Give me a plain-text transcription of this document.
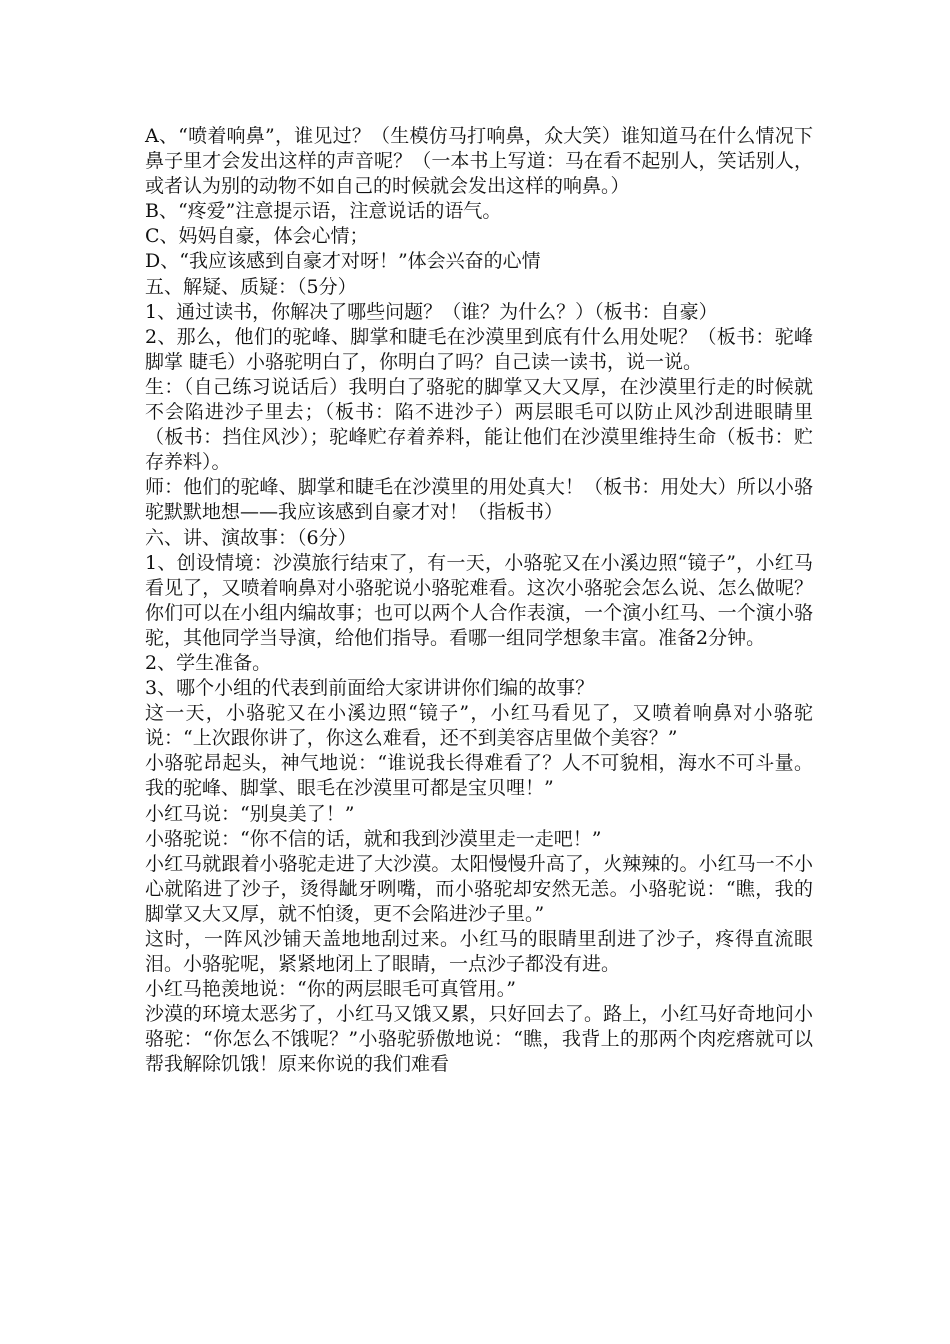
A、“喷着响鼻”，谁见过？（生模仿马打响鼻，众大笑）谁知道马在什么情况下鼻子里才会发出这样的声音呢？（一本书上写道：马在看不起别人，笑话别人，或者认为别的动物不如自己的时候就会发出这样的响鼻。）

B、“疼爱”注意提示语，注意说话的语气。

C、妈妈自豪，体会心情；

D、“我应该感到自豪才对呀！”体会兴奋的心情

五、解疑、质疑：（5分）

1、通过读书，你解决了哪些问题？（谁？为什么？）（板书：自豪）

2、那么，他们的驼峰、脚掌和睫毛在沙漠里到底有什么用处呢？（板书：驼峰 脚掌 睫毛）小骆驼明白了，你明白了吗？自己读一读书，说一说。

生：（自己练习说话后）我明白了骆驼的脚掌又大又厚，在沙漠里行走的时候就不会陷进沙子里去；（板书：陷不进沙子）两层眼毛可以防止风沙刮进眼睛里（板书：挡住风沙）；驼峰贮存着养料，能让他们在沙漠里维持生命（板书：贮存养料）。

师：他们的驼峰、脚掌和睫毛在沙漠里的用处真大！（板书：用处大）所以小骆驼默默地想——我应该感到自豪才对！（指板书）

六、讲、演故事：（6分）

1、创设情境：沙漠旅行结束了，有一天，小骆驼又在小溪边照“镜子”，小红马看见了，又喷着响鼻对小骆驼说小骆驼难看。这次小骆驼会怎么说、怎么做呢？你们可以在小组内编故事；也可以两个人合作表演，一个演小红马、一个演小骆驼，其他同学当导演，给他们指导。看哪一组同学想象丰富。准备2分钟。

2、学生准备。

3、哪个小组的代表到前面给大家讲讲你们编的故事？

这一天，小骆驼又在小溪边照“镜子”，小红马看见了，又喷着响鼻对小骆驼说：“上次跟你讲了，你这么难看，还不到美容店里做个美容？”

小骆驼昂起头，神气地说：“谁说我长得难看了？人不可貌相，海水不可斗量。我的驼峰、脚掌、眼毛在沙漠里可都是宝贝哩！”

小红马说：“别臭美了！”

小骆驼说：“你不信的话，就和我到沙漠里走一走吧！”

小红马就跟着小骆驼走进了大沙漠。太阳慢慢升高了，火辣辣的。小红马一不小心就陷进了沙子，烫得龇牙咧嘴，而小骆驼却安然无恙。小骆驼说：“瞧，我的脚掌又大又厚，就不怕烫，更不会陷进沙子里。”

这时，一阵风沙铺天盖地地刮过来。小红马的眼睛里刮进了沙子，疼得直流眼泪。小骆驼呢，紧紧地闭上了眼睛，一点沙子都没有进。

小红马艳羡地说：“你的两层眼毛可真管用。”

沙漠的环境太恶劣了，小红马又饿又累，只好回去了。路上，小红马好奇地问小骆驼：“你怎么不饿呢？”小骆驼骄傲地说：“瞧，我背上的那两个肉疙瘩就可以帮我解除饥饿！原来你说的我们难看
